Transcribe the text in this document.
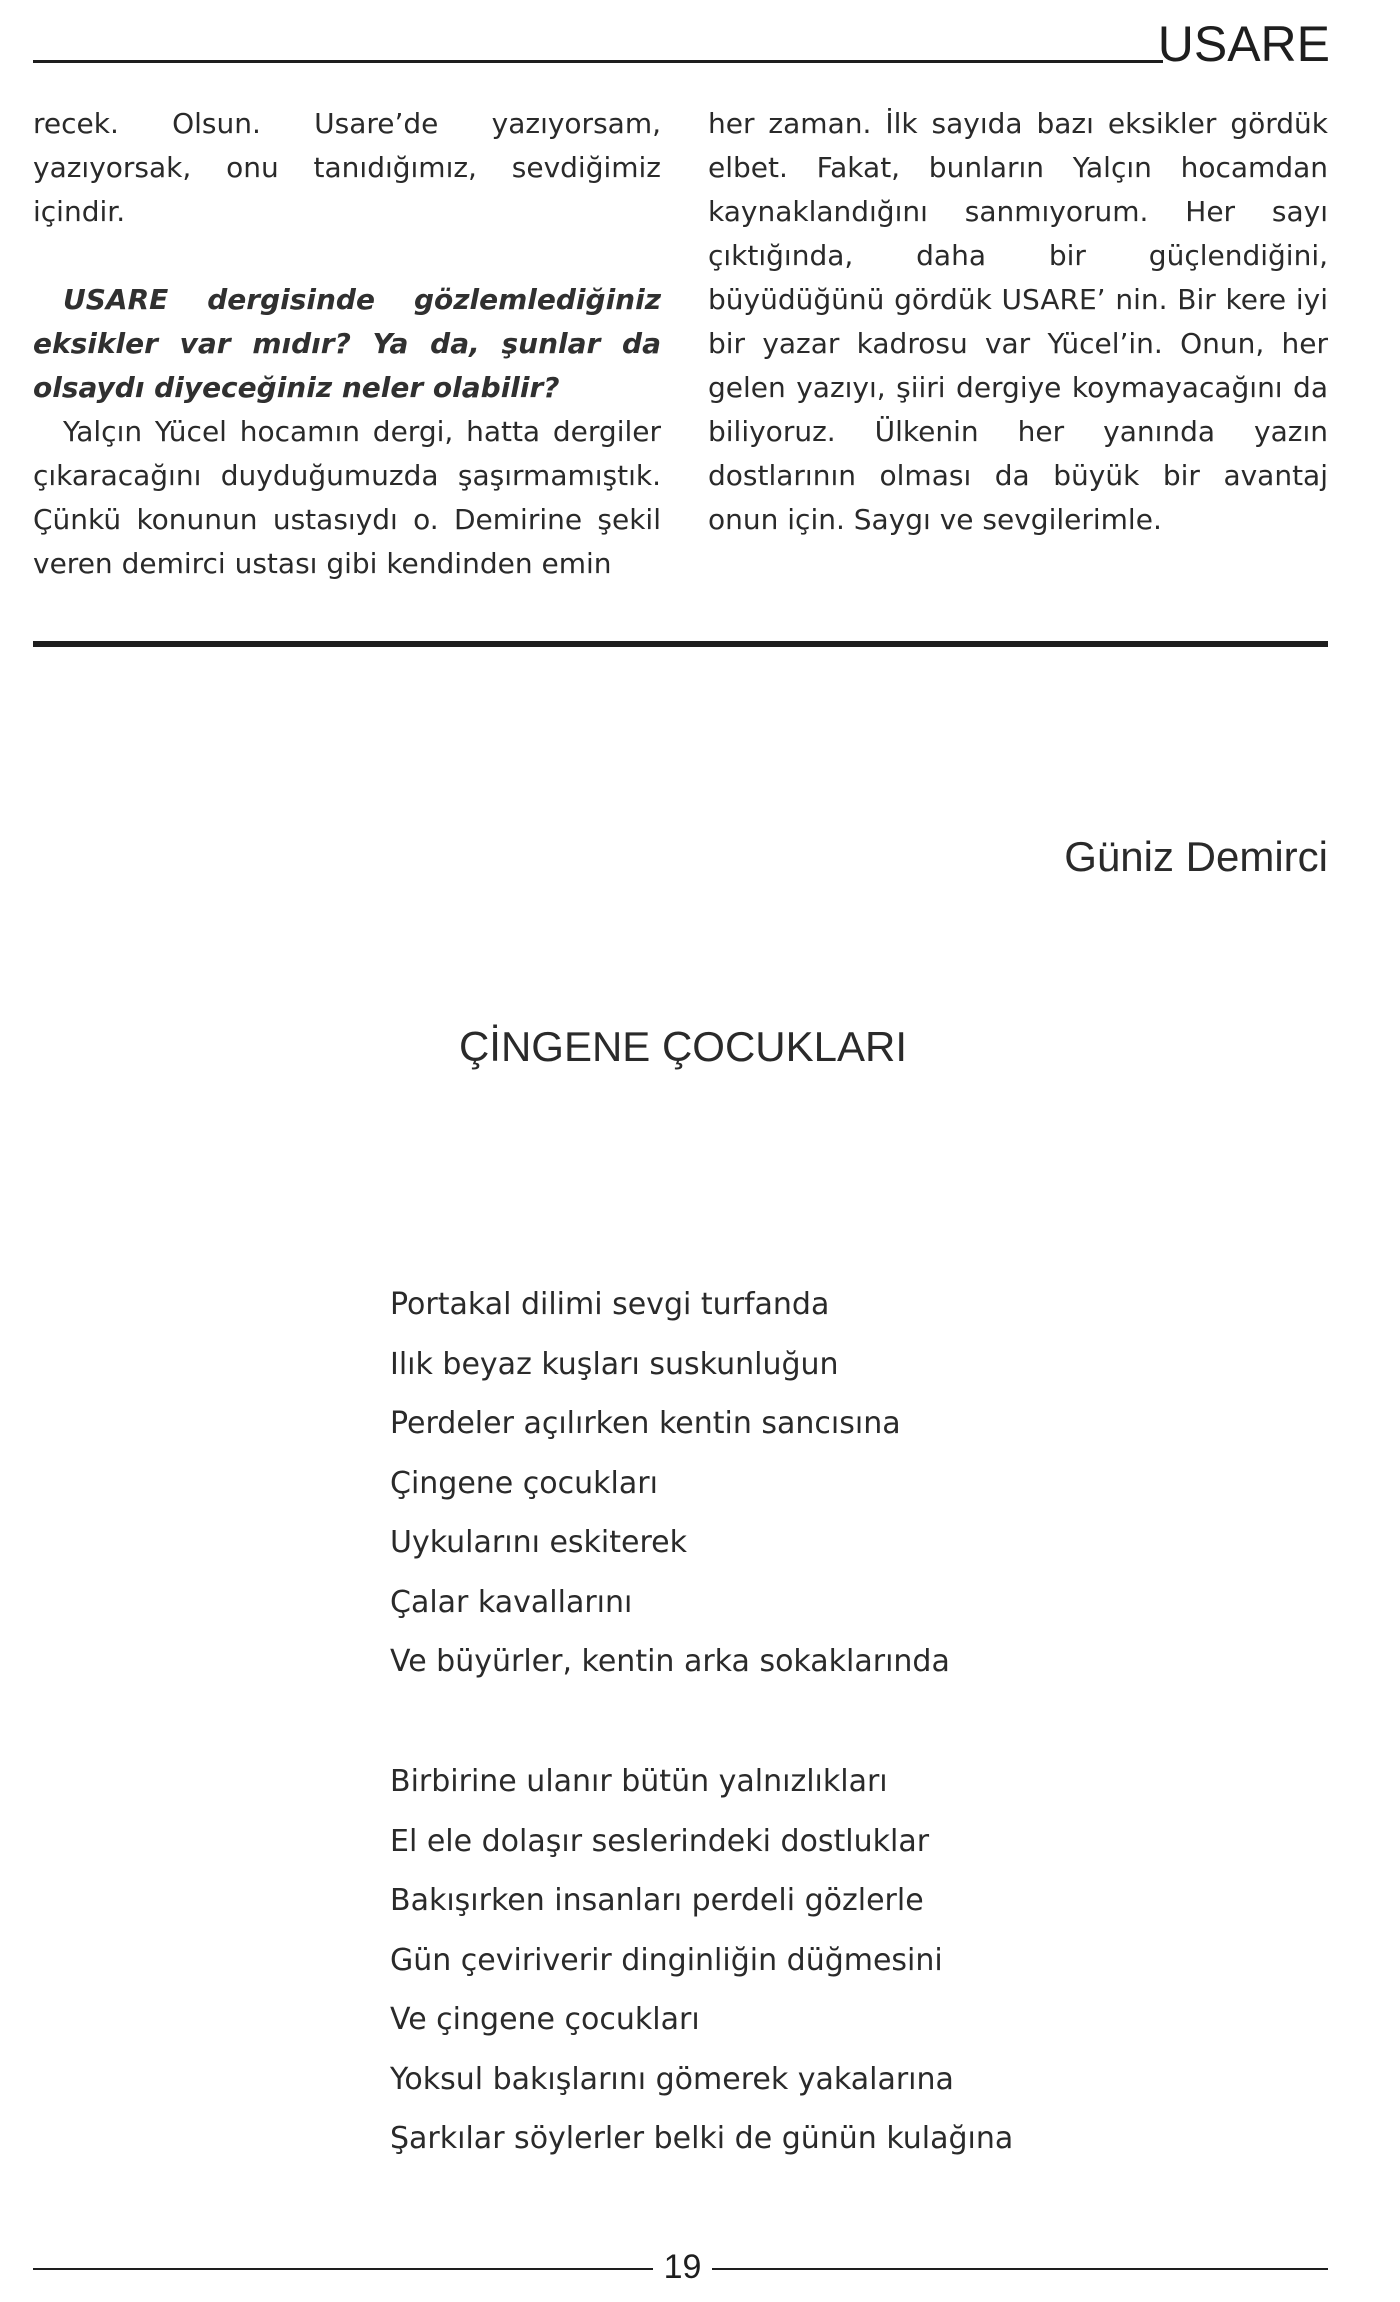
USARE

recek. Olsun. Usare’de yazıyorsam, yazıyorsak, onu tanıdığımız, sevdiğimiz içindir.

USARE dergisinde gözlemlediğiniz eksikler var mıdır? Ya da, şunlar da olsaydı diyeceğiniz neler olabilir?

Yalçın Yücel hocamın dergi, hatta dergiler çıkaracağını duyduğumuzda şaşırmamıştık. Çünkü konunun ustasıydı o. Demirine şekil veren demirci ustası gibi kendinden emin

her zaman. İlk sayıda bazı eksikler gördük elbet. Fakat, bunların Yalçın hocamdan kaynaklandığını sanmıyorum. Her sayı çıktığında, daha bir güçlendiğini, büyüdüğünü gördük USARE’ nin. Bir kere iyi bir yazar kadrosu var Yücel’in. Onun, her gelen yazıyı, şiiri dergiye koymayacağını da biliyoruz. Ülkenin her yanında yazın dostlarının olması da büyük bir avantaj onun için. Saygı ve sevgilerimle.

Güniz Demirci
ÇİNGENE ÇOCUKLARI
Portakal dilimi sevgi turfanda
Ilık beyaz kuşları suskunluğun
Perdeler açılırken kentin sancısına
Çingene çocukları
Uykularını eskiterek
Çalar kavallarını
Ve büyürler, kentin arka sokaklarında
Birbirine ulanır bütün yalnızlıkları
El ele dolaşır seslerindeki dostluklar
Bakışırken insanları perdeli gözlerle
Gün çeviriverir dinginliğin düğmesini
Ve çingene çocukları
Yoksul bakışlarını gömerek yakalarına
Şarkılar söylerler belki de günün kulağına
19
